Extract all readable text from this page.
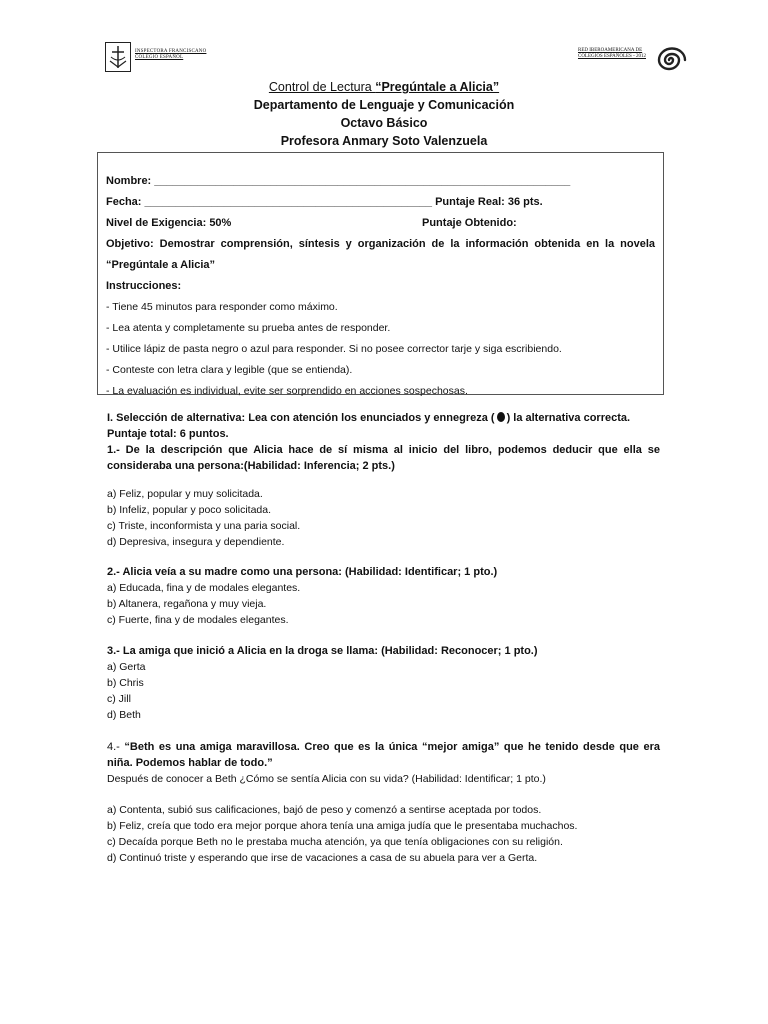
INSPECTORA FRANCISCANO
COLEGIO ESPAÑOL
RED IBEROAMERICANA DE
COLEGIOS ESPAÑOLES - 2012
Control de Lectura “Pregúntale a Alicia”
Departamento de Lenguaje y Comunicación
Octavo Básico
Profesora Anmary Soto Valenzuela
Nombre: ____________________________________________________________________
Fecha: _______________________________________________ Puntaje Real: 36 pts.
Nivel de Exigencia: 50%	Puntaje Obtenido:
Objetivo: Demostrar comprensión, síntesis y organización de la información obtenida en la novela “Pregúntale a Alicia”
Instrucciones:
- Tiene 45 minutos para responder como máximo.
- Lea atenta y completamente su prueba antes de responder.
- Utilice lápiz de pasta negro o azul para responder. Si no posee corrector tarje y siga escribiendo.
- Conteste con letra clara y legible (que se entienda).
- La evaluación es individual, evite ser sorprendido en acciones sospechosas.
I. Selección de alternativa: Lea con atención los enunciados y ennegreza ( ) la alternativa correcta.
Puntaje total: 6 puntos.
1.- De la descripción que Alicia hace de sí misma al inicio del libro, podemos deducir que ella se consideraba una persona:(Habilidad: Inferencia; 2 pts.)
a) Feliz, popular y muy solicitada.
b) Infeliz, popular y poco solicitada.
c) Triste, inconformista y una paria social.
d) Depresiva, insegura y dependiente.
2.- Alicia veía a su madre como una persona: (Habilidad: Identificar; 1 pto.)
a) Educada, fina y de modales elegantes.
b) Altanera, regañona y muy vieja.
c) Fuerte, fina y de modales elegantes.
3.- La amiga que inició a Alicia en la droga se llama: (Habilidad: Reconocer; 1 pto.)
a) Gerta
b) Chris
c) Jill
d) Beth
4.- “Beth es una amiga maravillosa. Creo que es la única “mejor amiga” que he tenido desde que era niña. Podemos hablar de todo.”
Después de conocer a Beth ¿Cómo se sentía Alicia con su vida? (Habilidad: Identificar; 1 pto.)
a) Contenta, subió sus calificaciones, bajó de peso y comenzó a sentirse aceptada por todos.
b) Feliz, creía que todo era mejor porque ahora tenía una amiga judía que le presentaba muchachos.
c) Decaída porque Beth no le prestaba mucha atención, ya que tenía obligaciones con su religión.
d) Continuó triste y esperando que irse de vacaciones a casa de su abuela para ver a Gerta.
